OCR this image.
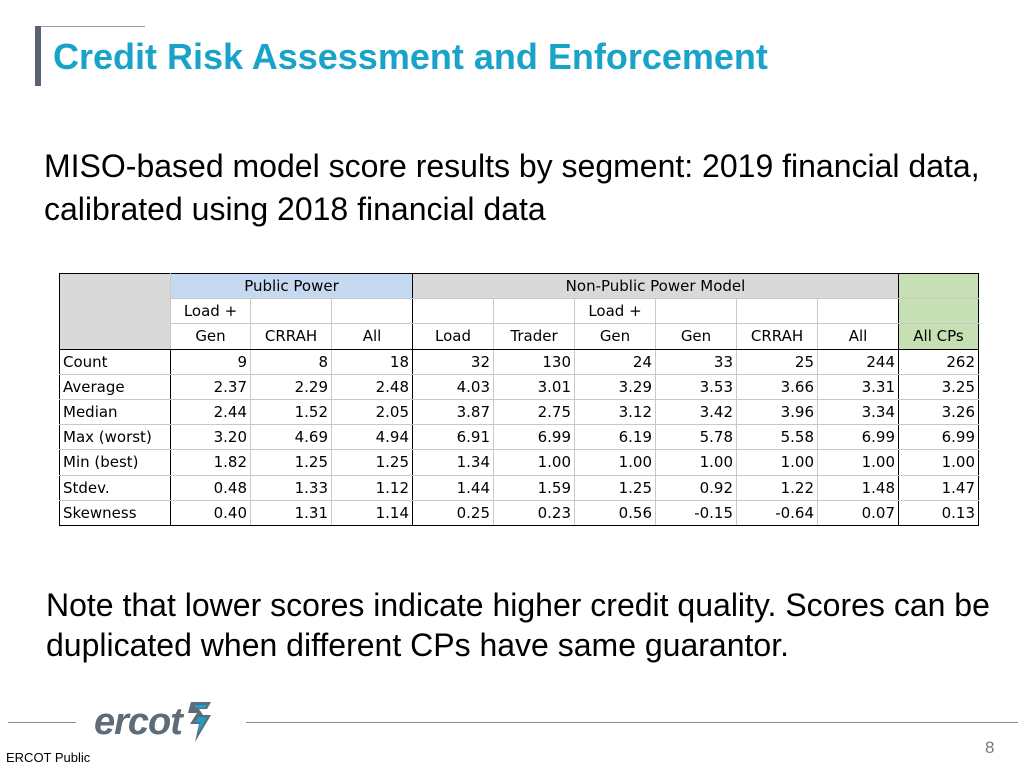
Credit Risk Assessment and Enforcement
MISO-based model score results by segment: 2019 financial data, calibrated using 2018 financial data
	Public Power			Non-Public Power Model						
	Load +					Load +				
	Gen	CRRAH	All	Load	Trader	Gen	Gen	CRRAH	All	All CPs
Count	9	8	18	32	130	24	33	25	244	262
Average	2.37	2.29	2.48	4.03	3.01	3.29	3.53	3.66	3.31	3.25
Median	2.44	1.52	2.05	3.87	2.75	3.12	3.42	3.96	3.34	3.26
Max (worst)	3.20	4.69	4.94	6.91	6.99	6.19	5.78	5.58	6.99	6.99
Min (best)	1.82	1.25	1.25	1.34	1.00	1.00	1.00	1.00	1.00	1.00
Stdev.	0.48	1.33	1.12	1.44	1.59	1.25	0.92	1.22	1.48	1.47
Skewness	0.40	1.31	1.14	0.25	0.23	0.56	-0.15	-0.64	0.07	0.13
Note that lower scores indicate higher credit quality. Scores can be duplicated when different CPs have same guarantor.
ercot
8
ERCOT Public
